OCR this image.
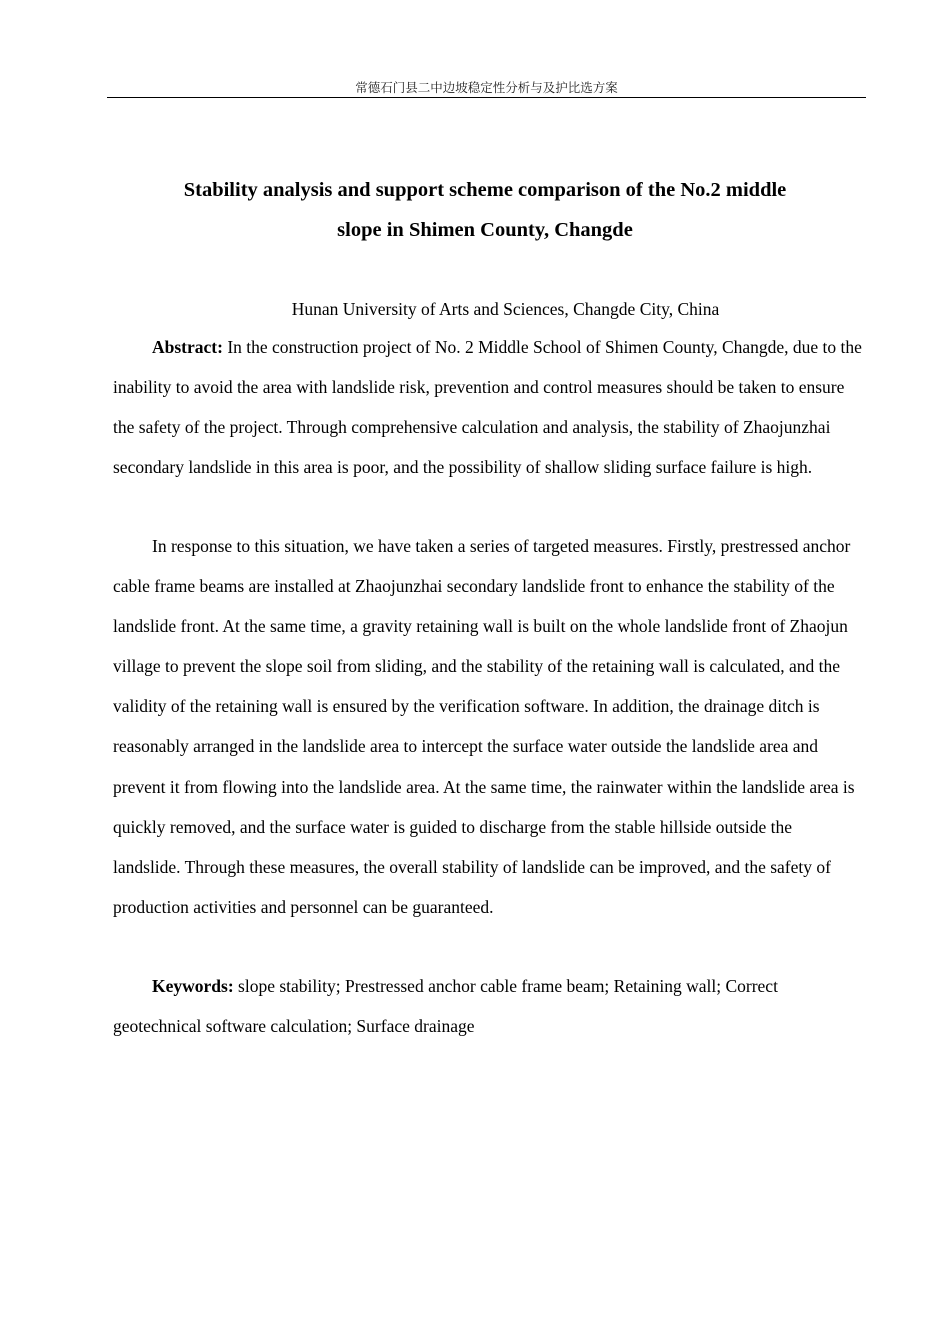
常德石门县二中边坡稳定性分析与及护比选方案
Stability analysis and support scheme comparison of the No.2 middle
slope in Shimen County, Changde
Hunan University of Arts and Sciences, Changde City, China

Abstract: In the construction project of No. 2 Middle School of Shimen County, Changde, due to the inability to avoid the area with landslide risk, prevention and control measures should be taken to ensure the safety of the project. Through comprehensive calculation and analysis, the stability of Zhaojunzhai secondary landslide in this area is poor, and the possibility of shallow sliding surface failure is high.

In response to this situation, we have taken a series of targeted measures. Firstly, prestressed anchor cable frame beams are installed at Zhaojunzhai secondary landslide front to enhance the stability of the landslide front. At the same time, a gravity retaining wall is built on the whole landslide front of Zhaojun village to prevent the slope soil from sliding, and the stability of the retaining wall is calculated, and the validity of the retaining wall is ensured by the verification software. In addition, the drainage ditch is reasonably arranged in the landslide area to intercept the surface water outside the landslide area and prevent it from flowing into the landslide area. At the same time, the rainwater within the landslide area is quickly removed, and the surface water is guided to discharge from the stable hillside outside the landslide. Through these measures, the overall stability of landslide can be improved, and the safety of production activities and personnel can be guaranteed.

Keywords: slope stability; Prestressed anchor cable frame beam; Retaining wall; Correct geotechnical software calculation; Surface drainage
